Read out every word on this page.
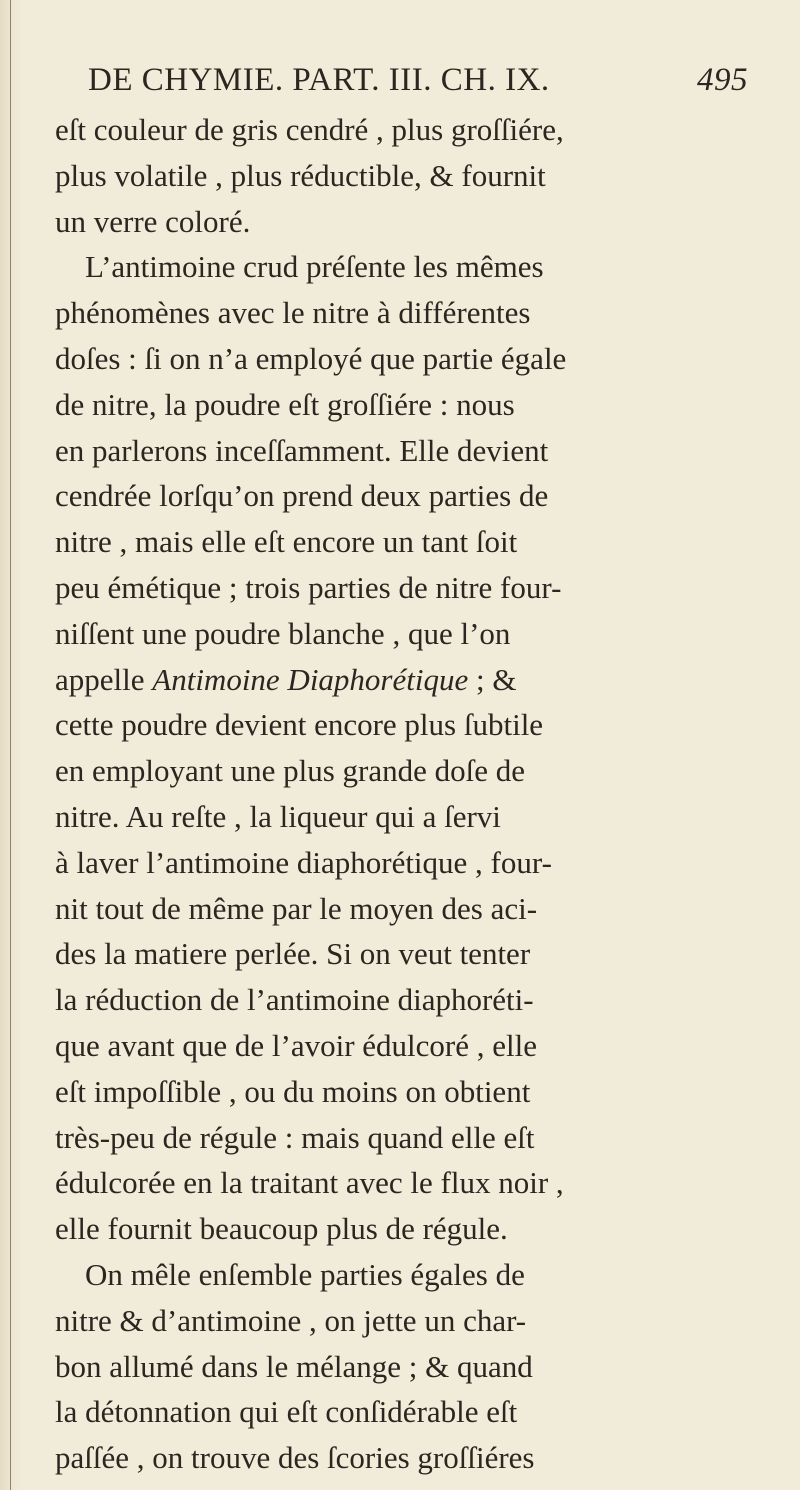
DE CHYMIE. PART. III. CH. IX.	495
eſt couleur de gris cendré , plus groſſiére,
plus volatile , plus réductible, & fournit
un verre coloré.
L’antimoine crud préſente les mêmes
phénomènes avec le nitre à différentes
doſes : ſi on n’a employé que partie égale
de nitre, la poudre eſt groſſiére : nous
en parlerons inceſſamment. Elle devient
cendrée lorſqu’on prend deux parties de
nitre , mais elle eſt encore un tant ſoit
peu émétique ; trois parties de nitre four-
niſſent une poudre blanche , que l’on
appelle Antimoine Diaphorétique ; &
cette poudre devient encore plus ſubtile
en employant une plus grande doſe de
nitre. Au reſte , la liqueur qui a ſervi
à laver l’antimoine diaphorétique , four-
nit tout de même par le moyen des aci-
des la matiere perlée. Si on veut tenter
la réduction de l’antimoine diaphoréti-
que avant que de l’avoir édulcoré , elle
eſt impoſſible , ou du moins on obtient
très-peu de régule : mais quand elle eſt
édulcorée en la traitant avec le flux noir ,
elle fournit beaucoup plus de régule.
On mêle enſemble parties égales de
nitre & d’antimoine , on jette un char-
bon allumé dans le mélange ; & quand
la détonnation qui eſt conſidérable eſt
paſſée , on trouve des ſcories groſſiéres
